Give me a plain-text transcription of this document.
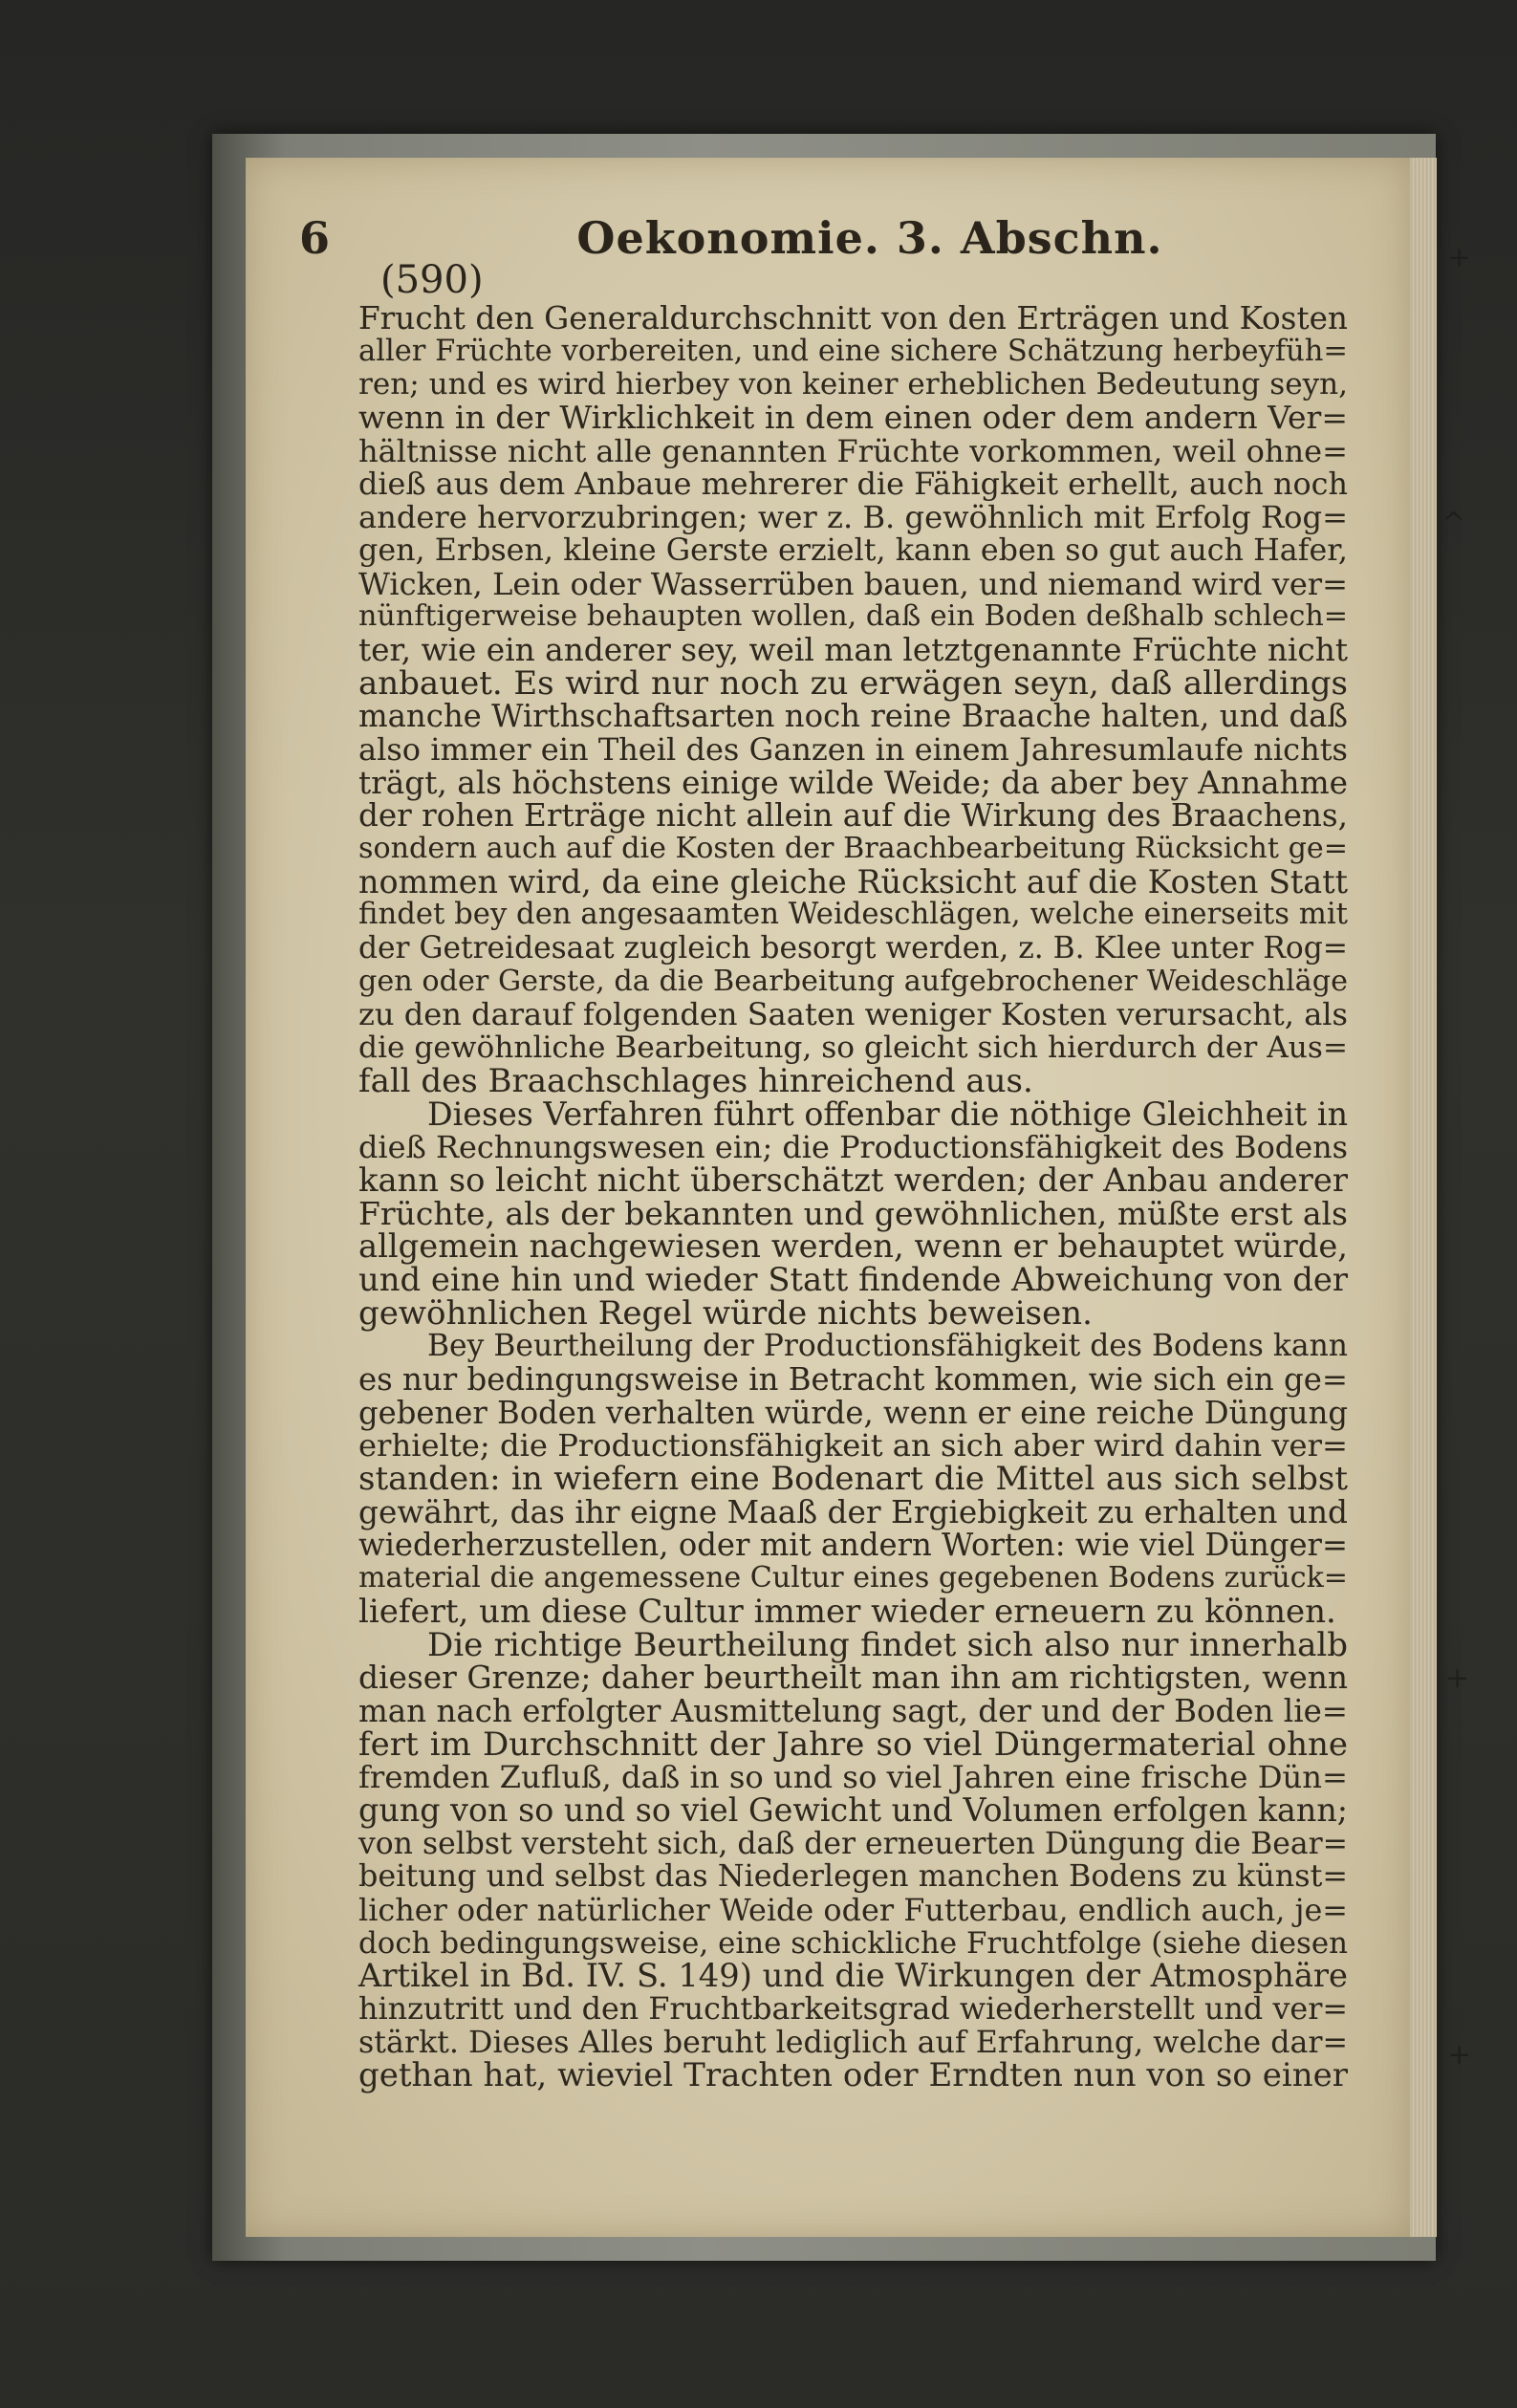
6	Oekonomie. 3. Abschn.
(590)
Frucht den Generaldurchschnitt von den Erträgen und Kosten
aller Früchte vorbereiten, und eine sichere Schätzung herbeyfüh=
ren; und es wird hierbey von keiner erheblichen Bedeutung seyn,
wenn in der Wirklichkeit in dem einen oder dem andern Ver=
hältnisse nicht alle genannten Früchte vorkommen, weil ohne=
dieß aus dem Anbaue mehrerer die Fähigkeit erhellt, auch noch
andere hervorzubringen; wer z. B. gewöhnlich mit Erfolg Rog=
gen, Erbsen, kleine Gerste erzielt, kann eben so gut auch Hafer,
Wicken, Lein oder Wasserrüben bauen, und niemand wird ver=
nünftigerweise behaupten wollen, daß ein Boden deßhalb schlech=
ter, wie ein anderer sey, weil man letztgenannte Früchte nicht
anbauet. Es wird nur noch zu erwägen seyn, daß allerdings
manche Wirthschaftsarten noch reine Braache halten, und daß
also immer ein Theil des Ganzen in einem Jahresumlaufe nichts
trägt, als höchstens einige wilde Weide; da aber bey Annahme
der rohen Erträge nicht allein auf die Wirkung des Braachens,
sondern auch auf die Kosten der Braachbearbeitung Rücksicht ge=
nommen wird, da eine gleiche Rücksicht auf die Kosten Statt
findet bey den angesaamten Weideschlägen, welche einerseits mit
der Getreidesaat zugleich besorgt werden, z. B. Klee unter Rog=
gen oder Gerste, da die Bearbeitung aufgebrochener Weideschläge
zu den darauf folgenden Saaten weniger Kosten verursacht, als
die gewöhnliche Bearbeitung, so gleicht sich hierdurch der Aus=
fall des Braachschlages hinreichend aus.
Dieses Verfahren führt offenbar die nöthige Gleichheit in
dieß Rechnungswesen ein; die Productionsfähigkeit des Bodens
kann so leicht nicht überschätzt werden; der Anbau anderer
Früchte, als der bekannten und gewöhnlichen, müßte erst als
allgemein nachgewiesen werden, wenn er behauptet würde,
und eine hin und wieder Statt findende Abweichung von der
gewöhnlichen Regel würde nichts beweisen.
Bey Beurtheilung der Productionsfähigkeit des Bodens kann
es nur bedingungsweise in Betracht kommen, wie sich ein ge=
gebener Boden verhalten würde, wenn er eine reiche Düngung
erhielte; die Productionsfähigkeit an sich aber wird dahin ver=
standen: in wiefern eine Bodenart die Mittel aus sich selbst
gewährt, das ihr eigne Maaß der Ergiebigkeit zu erhalten und
wiederherzustellen, oder mit andern Worten: wie viel Dünger=
material die angemessene Cultur eines gegebenen Bodens zurück=
liefert, um diese Cultur immer wieder erneuern zu können.
Die richtige Beurtheilung findet sich also nur innerhalb
dieser Grenze; daher beurtheilt man ihn am richtigsten, wenn
man nach erfolgter Ausmittelung sagt, der und der Boden lie=
fert im Durchschnitt der Jahre so viel Düngermaterial ohne
fremden Zufluß, daß in so und so viel Jahren eine frische Dün=
gung von so und so viel Gewicht und Volumen erfolgen kann;
von selbst versteht sich, daß der erneuerten Düngung die Bear=
beitung und selbst das Niederlegen manchen Bodens zu künst=
licher oder natürlicher Weide oder Futterbau, endlich auch, je=
doch bedingungsweise, eine schickliche Fruchtfolge (siehe diesen
Artikel in Bd. IV. S. 149) und die Wirkungen der Atmosphäre
hinzutritt und den Fruchtbarkeitsgrad wiederherstellt und ver=
stärkt. Dieses Alles beruht lediglich auf Erfahrung, welche dar=
gethan hat, wieviel Trachten oder Erndten nun von so einer
+
^
+
+
